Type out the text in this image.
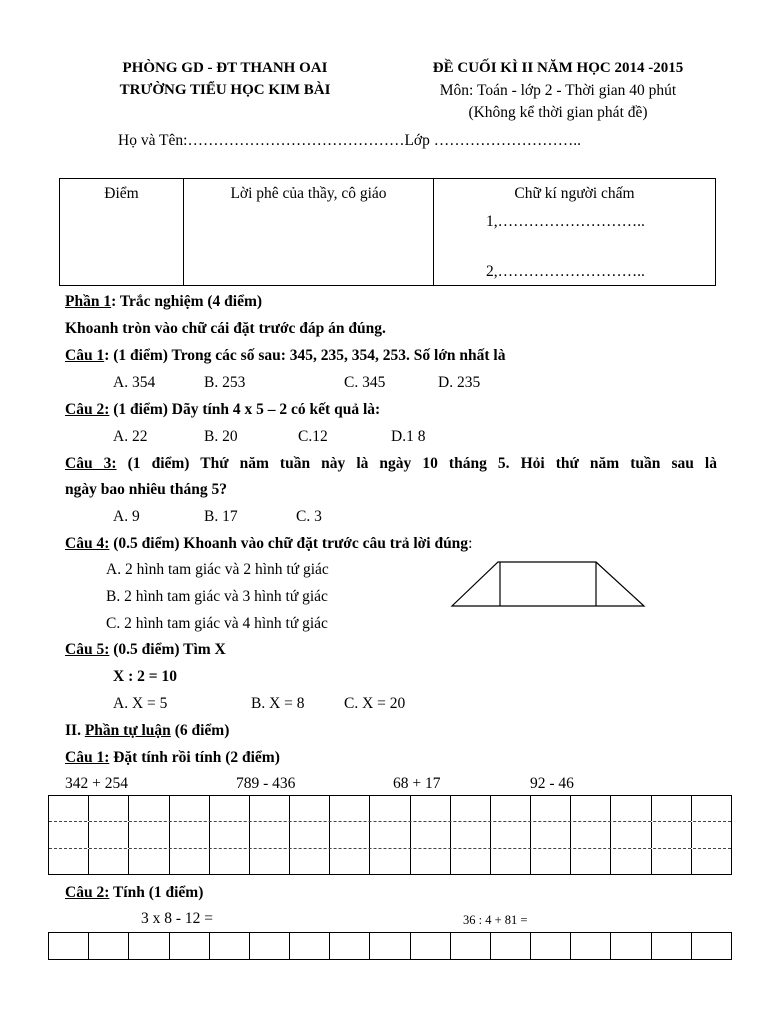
PHÒNG GD - ĐT THANH OAI
TRƯỜNG TIỂU HỌC KIM BÀI
ĐỀ CUỐI KÌ II NĂM HỌC 2014 -2015
Môn: Toán - lớp 2 - Thời gian 40 phút
(Không kể thời gian phát đề)
Họ và Tên:……………………………………Lớp ………………………..
Điểm	Lời phê của thầy, cô giáo	Chữ kí người chấm
1,………………………..
2,………………………..
Phần 1: Trắc nghiệm (4 điểm)
Khoanh tròn vào chữ cái đặt trước đáp án đúng.
Câu 1: (1 điểm) Trong các số sau: 345, 235, 354, 253. Số lớn nhất là
A. 354	B. 253	C. 345	D. 235
Câu 2: (1 điểm) Dãy tính 4 x 5 – 2 có kết quả là:
A. 22	B. 20	C.12	D.1 8
Câu 3: (1 điểm) Thứ năm tuần này là ngày 10 tháng 5. Hỏi thứ năm tuần sau là
ngày bao nhiêu tháng 5?
A. 9	B. 17	C. 3
Câu 4: (0.5 điểm) Khoanh vào chữ đặt trước câu trả lời đúng:
A. 2 hình tam giác và 2 hình tứ giác
B. 2 hình tam giác và 3 hình tứ giác
C. 2 hình tam giác và 4 hình tứ giác
Câu 5: (0.5 điểm) Tìm X
X : 2 = 10
A. X = 5	B. X = 8	C. X = 20
II. Phần tự luận (6 điểm)
Câu 1: Đặt tính rồi tính (2 điểm)
342 + 254	789 - 436	68 + 17	92 - 46
Câu 2: Tính (1 điểm)
3 x 8 - 12 =	36 : 4 + 81 =
